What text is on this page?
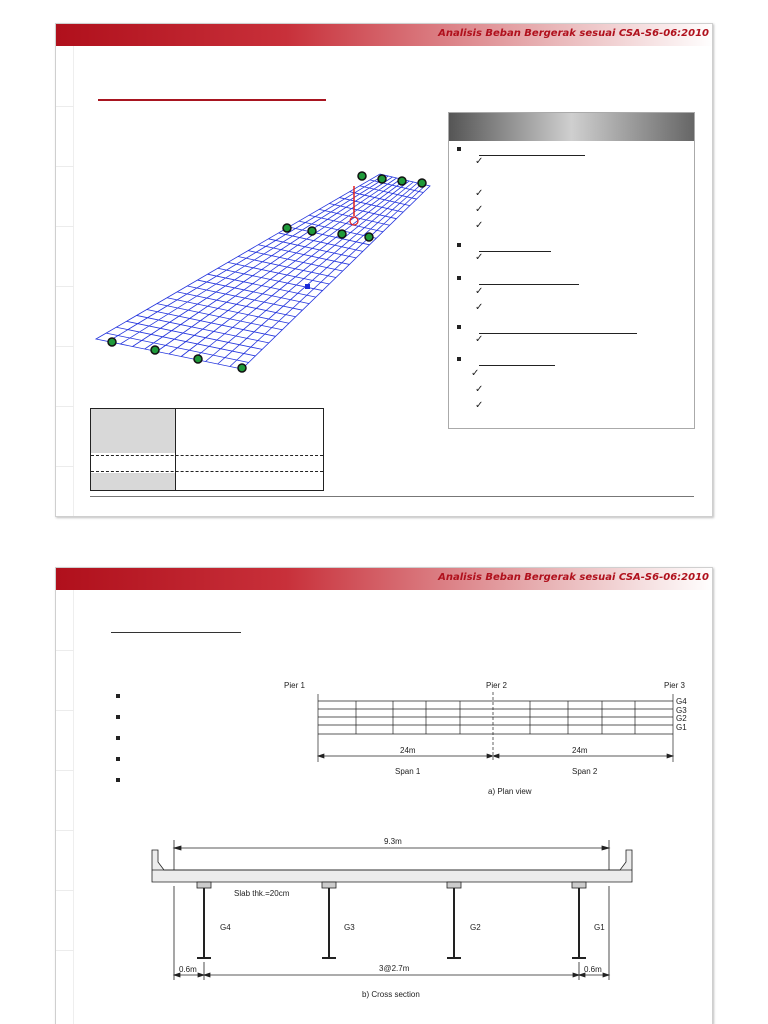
Analisis Beban Bergerak sesuai CSA-S6-06:2010
✓
✓
✓
✓
✓
✓
✓
✓
✓
✓
✓
Analisis Beban Bergerak sesuai CSA-S6-06:2010
Pier 1	Pier 2	Pier 3
G4
G3
G2
G1
24m	24m
Span 1	Span 2
a) Plan view
9.3m
Slab thk.=20cm
G4	G3	G2	G1
0.6m	3@2.7m	0.6m
b) Cross section
